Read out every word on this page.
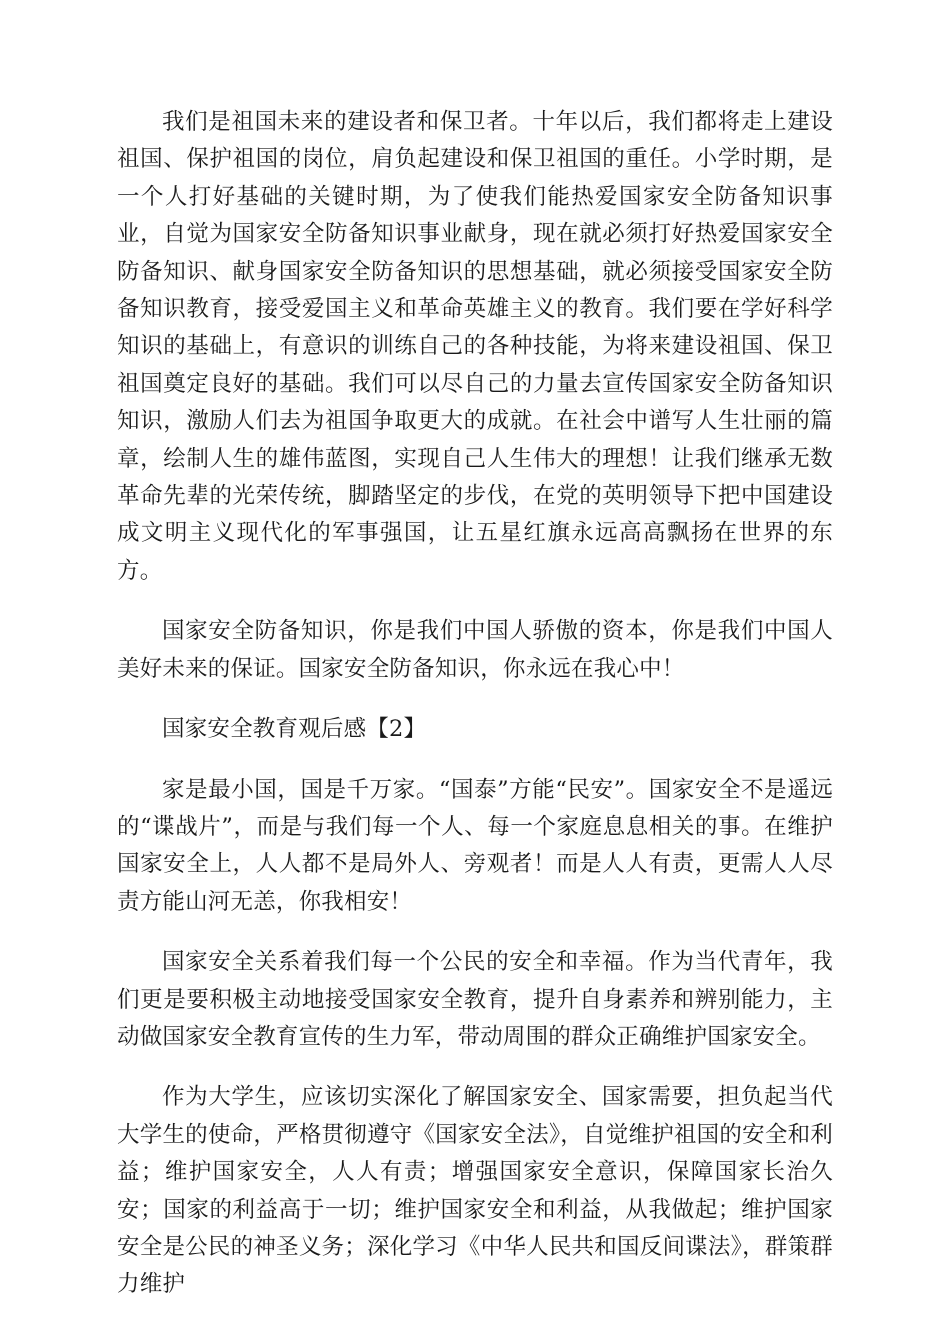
我们是祖国未来的建设者和保卫者。十年以后，我们都将走上建设祖国、保护祖国的岗位，肩负起建设和保卫祖国的重任。小学时期，是一个人打好基础的关键时期，为了使我们能热爱国家安全防备知识事业，自觉为国家安全防备知识事业献身，现在就必须打好热爱国家安全防备知识、献身国家安全防备知识的思想基础，就必须接受国家安全防备知识教育，接受爱国主义和革命英雄主义的教育。我们要在学好科学知识的基础上，有意识的训练自己的各种技能，为将来建设祖国、保卫祖国奠定良好的基础。我们可以尽自己的力量去宣传国家安全防备知识知识，激励人们去为祖国争取更大的成就。在社会中谱写人生壮丽的篇章，绘制人生的雄伟蓝图，实现自己人生伟大的理想！让我们继承无数革命先辈的光荣传统，脚踏坚定的步伐，在党的英明领导下把中国建设成文明主义现代化的军事强国，让五星红旗永远高高飘扬在世界的东方。

国家安全防备知识，你是我们中国人骄傲的资本，你是我们中国人美好未来的保证。国家安全防备知识，你永远在我心中！

国家安全教育观后感【2】

家是最小国，国是千万家。“国泰”方能“民安”。国家安全不是遥远的“谍战片”，而是与我们每一个人、每一个家庭息息相关的事。在维护国家安全上，人人都不是局外人、旁观者！而是人人有责，更需人人尽责方能山河无恙，你我相安！

国家安全关系着我们每一个公民的安全和幸福。作为当代青年，我们更是要积极主动地接受国家安全教育，提升自身素养和辨别能力，主动做国家安全教育宣传的生力军，带动周围的群众正确维护国家安全。

作为大学生，应该切实深化了解国家安全、国家需要，担负起当代大学生的使命，严格贯彻遵守《国家安全法》，自觉维护祖国的安全和利益；维护国家安全，人人有责；增强国家安全意识，保障国家长治久安；国家的利益高于一切；维护国家安全和利益，从我做起；维护国家安全是公民的神圣义务；深化学习《中华人民共和国反间谍法》，群策群力维护
